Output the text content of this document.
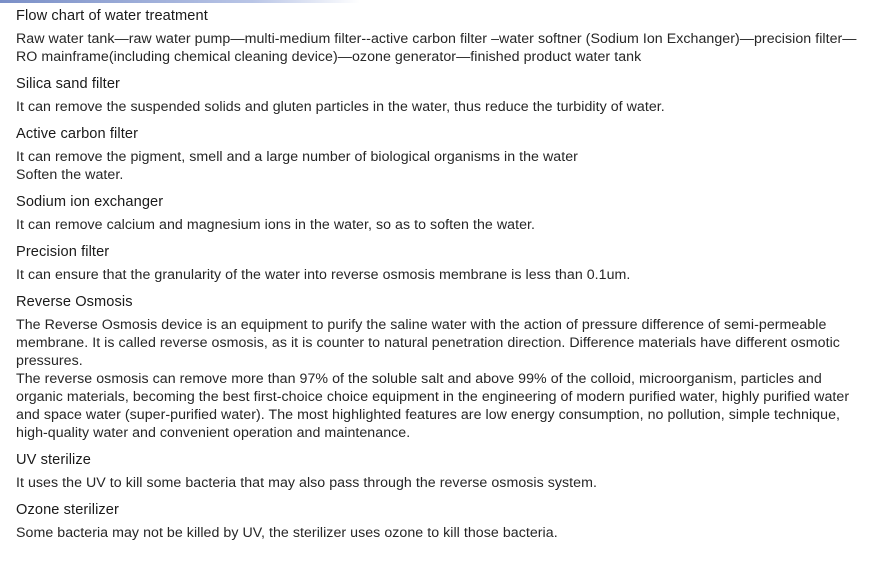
Flow chart of water treatment

Raw water tank—raw water pump—multi-medium filter--active carbon filter –water softner (Sodium Ion Exchanger)—precision filter—RO mainframe(including chemical cleaning device)—ozone generator—finished product water tank

Silica sand filter

It can remove the suspended solids and gluten particles in the water, thus reduce the turbidity of water.

Active carbon filter

It can remove the pigment, smell and a large number of biological organisms in the water

Soften the water.

Sodium ion exchanger

It can remove calcium and magnesium ions in the water, so as to soften the water.

Precision filter

It can ensure that the granularity of the water into reverse osmosis membrane is less than 0.1um.

Reverse Osmosis

The Reverse Osmosis device is an equipment to purify the saline water with the action of pressure difference of semi-permeable membrane. It is called reverse osmosis, as it is counter to natural penetration direction. Difference materials have different osmotic pressures.

The reverse osmosis can remove more than 97% of the soluble salt and above 99% of the colloid, microorganism, particles and organic materials, becoming the best first-choice choice equipment in the engineering of modern purified water, highly purified water and space water (super-purified water). The most highlighted features are low energy consumption, no pollution, simple technique, high-quality water and convenient operation and maintenance.

UV sterilize

It uses the UV to kill some bacteria that may also pass through the reverse osmosis system.

Ozone sterilizer

Some bacteria may not be killed by UV, the sterilizer uses ozone to kill those bacteria.
